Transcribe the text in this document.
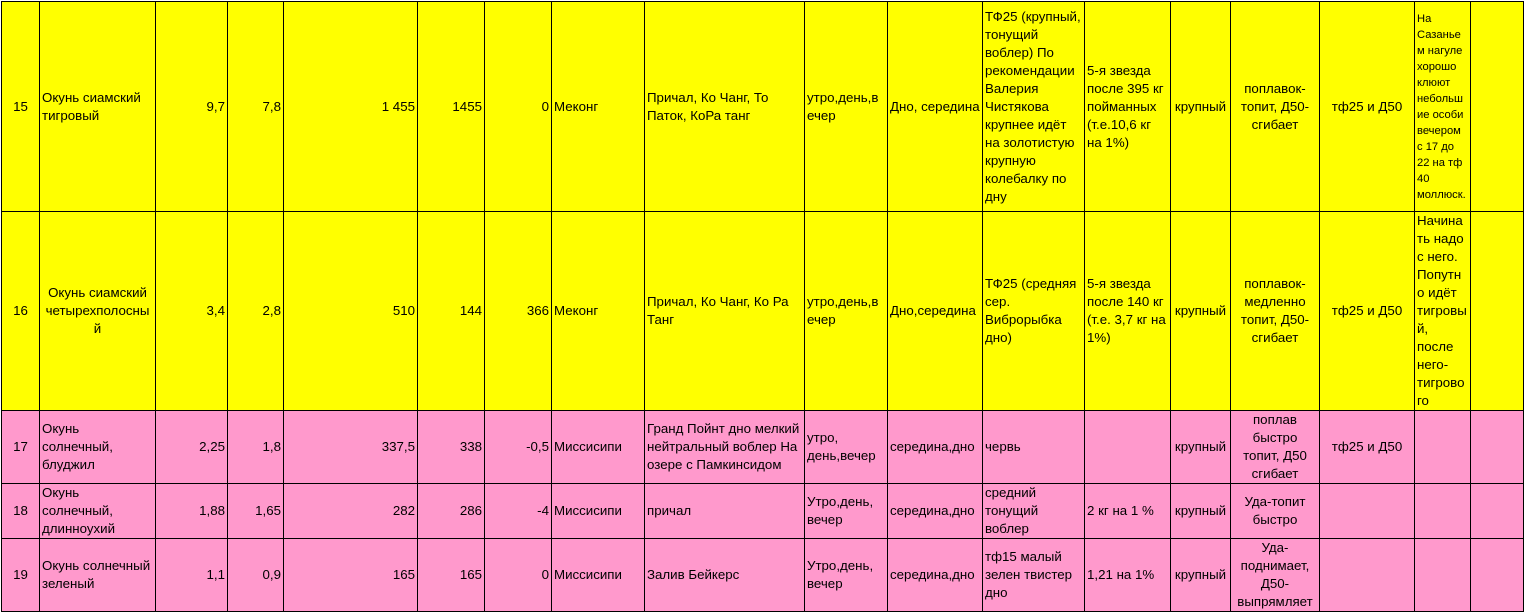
15	Окунь сиамский тигровый	9,7	7,8	1 455	1455	0	Меконг	Причал, Ко Чанг, То Паток, КоРа танг	утро,день,вечер	Дно, середина	ТФ25 (крупный, тонущий воблер) По рекомендации Валерия Чистякова крупнее идёт на золотистую крупную колебалку по дну	5-я звезда после 395 кг пойманных (т.е.10,6 кг на 1%)	крупный	поплавок-топит, Д50-сгибает	тф25 и Д50	На Сазаньем нагуле хорошо клюют небольшие особи вечером с 17 до 22 на тф 40 моллюск.	
16	Окунь сиамский четырехполосный	3,4	2,8	510	144	366	Меконг	Причал, Ко Чанг, Ко Ра Танг	утро,день,вечер	Дно,середина	ТФ25 (средняя сер. Виброрыбка дно)	5-я звезда после 140 кг (т.е. 3,7 кг на 1%)	крупный	поплавок-медленно топит, Д50-сгибает	тф25 и Д50	Начинать надо с него. Попутно идёт тигровый, после него-тигрового	
17	Окунь солнечный, блуджил	2,25	1,8	337,5	338	-0,5	Миссисипи	Гранд Пойнт дно мелкий нейтральный воблер На озере с Памкинсидом	утро, день,вечер	середина,дно	червь		крупный	поплав быстро топит, Д50 сгибает	тф25 и Д50		
18	Окунь солнечный, длинноухий	1,88	1,65	282	286	-4	Миссисипи	причал	Утро,день, вечер	середина,дно	средний тонущий воблер	2 кг на 1 %	крупный	Уда-топит быстро			
19	Окунь солнечный зеленый	1,1	0,9	165	165	0	Миссисипи	Залив Бейкерс	Утро,день, вечер	середина,дно	тф15 малый зелен твистер дно	1,21 на 1%	крупный	Уда-поднимает, Д50-выпрямляет			
